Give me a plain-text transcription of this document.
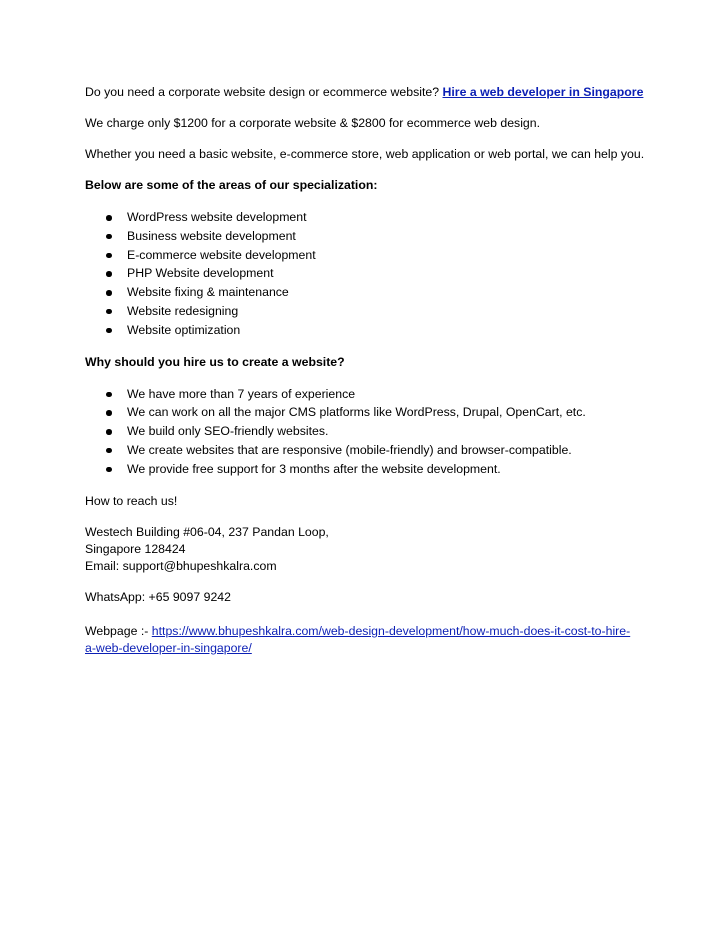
Do you need a corporate website design or ecommerce website? Hire a web developer in Singapore

We charge only $1200 for a corporate website & $2800 for ecommerce web design.

Whether you need a basic website, e-commerce store, web application or web portal, we can help you.

Below are some of the areas of our specialization:

WordPress website development
Business website development
E-commerce website development
PHP Website development
Website fixing & maintenance
Website redesigning
Website optimization

Why should you hire us to create a website?

We have more than 7 years of experience
We can work on all the major CMS platforms like WordPress, Drupal, OpenCart, etc.
We build only SEO-friendly websites.
We create websites that are responsive (mobile-friendly) and browser-compatible.
We provide free support for 3 months after the website development.

How to reach us!

Westech Building #06-04, 237 Pandan Loop,

Singapore 128424

Email: support@bhupeshkalra.com

WhatsApp: +65 9097 9242

Webpage :- https://www.bhupeshkalra.com/web-design-development/how-much-does-it-cost-to-hire-

a-web-developer-in-singapore/
